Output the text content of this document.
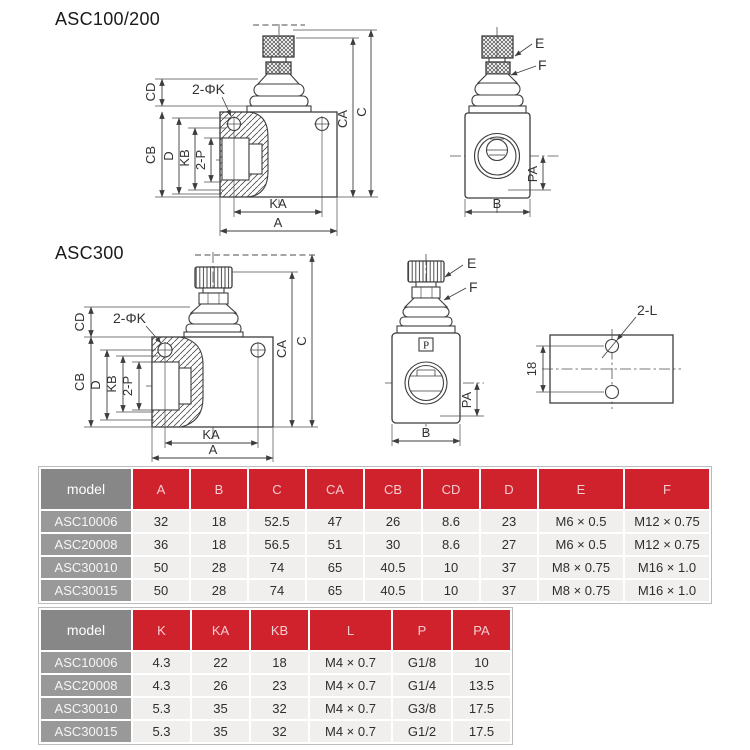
ASC100/200
ASC300
CD
CB D KB 2-P
CA C
KA
A
2-ΦK
E
F
PA
B
CD
CB D KB 2-P
CA C
KA
A
2-ΦK
P
E
F
PA
B
18
2-L
model	A	B	C	CA	CB	CD	D	E	F
ASC10006	32	18	52.5	47	26	8.6	23	M6 × 0.5	M12 × 0.75
ASC20008	36	18	56.5	51	30	8.6	27	M6 × 0.5	M12 × 0.75
ASC30010	50	28	74	65	40.5	10	37	M8 × 0.75	M16 × 1.0
ASC30015	50	28	74	65	40.5	10	37	M8 × 0.75	M16 × 1.0
model	K	KA	KB	L	P	PA
ASC10006	4.3	22	18	M4 × 0.7	G1/8	10
ASC20008	4.3	26	23	M4 × 0.7	G1/4	13.5
ASC30010	5.3	35	32	M4 × 0.7	G3/8	17.5
ASC30015	5.3	35	32	M4 × 0.7	G1/2	17.5
